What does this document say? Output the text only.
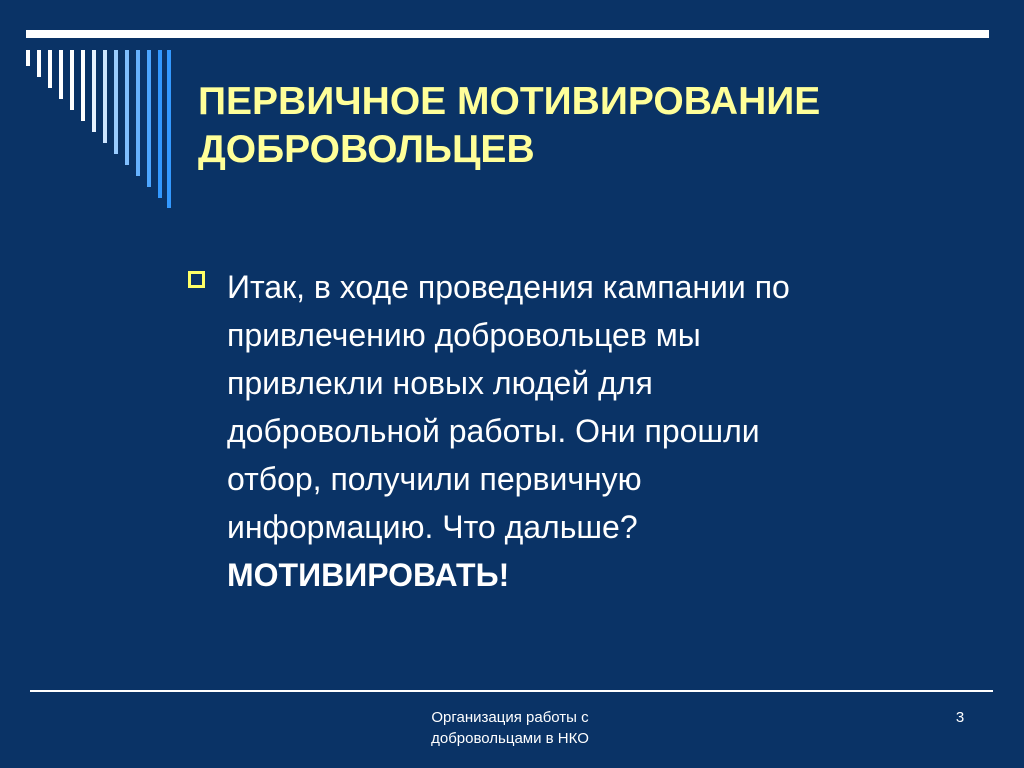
ПЕРВИЧНОЕ МОТИВИРОВАНИЕ
ДОБРОВОЛЬЦЕВ
Итак, в ходе проведения кампании по
привлечению добровольцев мы
привлекли новых людей для
добровольной работы. Они прошли
отбор, получили первичную
информацию. Что дальше?
МОТИВИРОВАТЬ!
Организация работы с
добровольцами в НКО
3
